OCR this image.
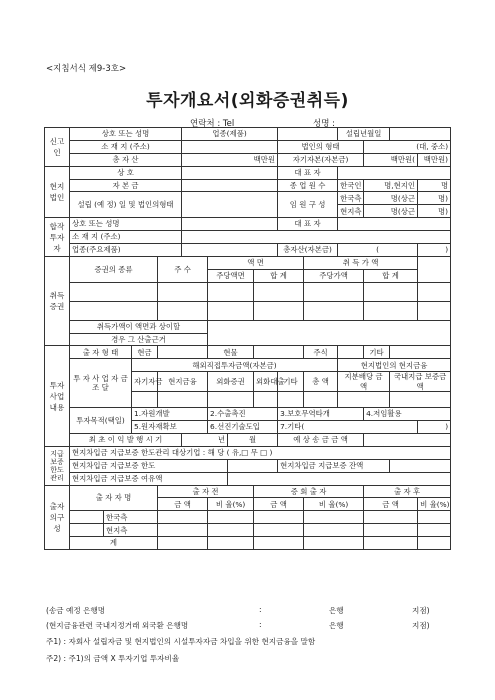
<지침서식 제9-3호>
투자개요서(외화증권취득)
연락처 : Tel	성명 :
신고인	상호 또는 성명				업종(제품)						설립년월일			
	소 재 지 (주소)								법인의 형태			(대, 중소)		
	총 자 산				백만원				자기자본(자본금)			백만원(		백만원)
현지법인	상 호								대 표 자					
	자 본 금								종 업 원 수		한국인	명,현지인		명
	설립 (예 정) 일 및 법인의형태								임 원 구 성		한국측	명(상근		명)
											현지측	명(상근		명)
합작투자자	상호 또는 성명								대 표 자					
	소 재 지 (주소)													
	업종(주요제품)								총자산(자본금)		(			)
취득증권	증권의 종류			주 수		액 면				취 득 가 액				
						주당액면		합 계		주당가액		합 계		

	취득가액이 액면과 상이할													
	경우 그 산출근거													
투자사업내용	출 자 형 태		현금			현물				주식		기타		
	투 자 사 업 자 금 조 달		해외직접투자금액(자본금)								현지법인의 현지금융			
			자기자금	현지금융		외화증권		외화대출	기타	총 액	지분배당 금 액		국내지급 보증금액	

	투자목적(택일)		1.자원개발			2.수출촉진			3.보호무역타개			4.저임활용		
			5.원자재확보			6.선진기술도입			7.기타(					)
	최 초 이 익 발 행 시 기				년		월		예 상 송 금 금 액					
지급보증한도관리	현지차입금 지급보증 한도관리 대상기업 : 해 당 ( 유,□ 무 □ )													
	현지차입금 지급보증 한도								현지차입금 지급보증 잔액					
	현지차입금 지급보증 여유액													
출자의구성	출 자 자 명			출 자 전				증 회 출 자				출 자 후		
				금 액		비 율(%)		금 액		비 율(%)		금 액		비 율(%)
		한국측												
		현지측												
	계													
(송금 예정 은행명	:	은행	지점)
(현지금융관련 국내지정거래 외국환 은행명	:	은행	지점)
주1) : 자회사 설립자금 및 현지법인의 시설투자자금 차입을 위한 현지금융을 말함
주2) : 주1)의 금액 X 투자기업 투자비율
